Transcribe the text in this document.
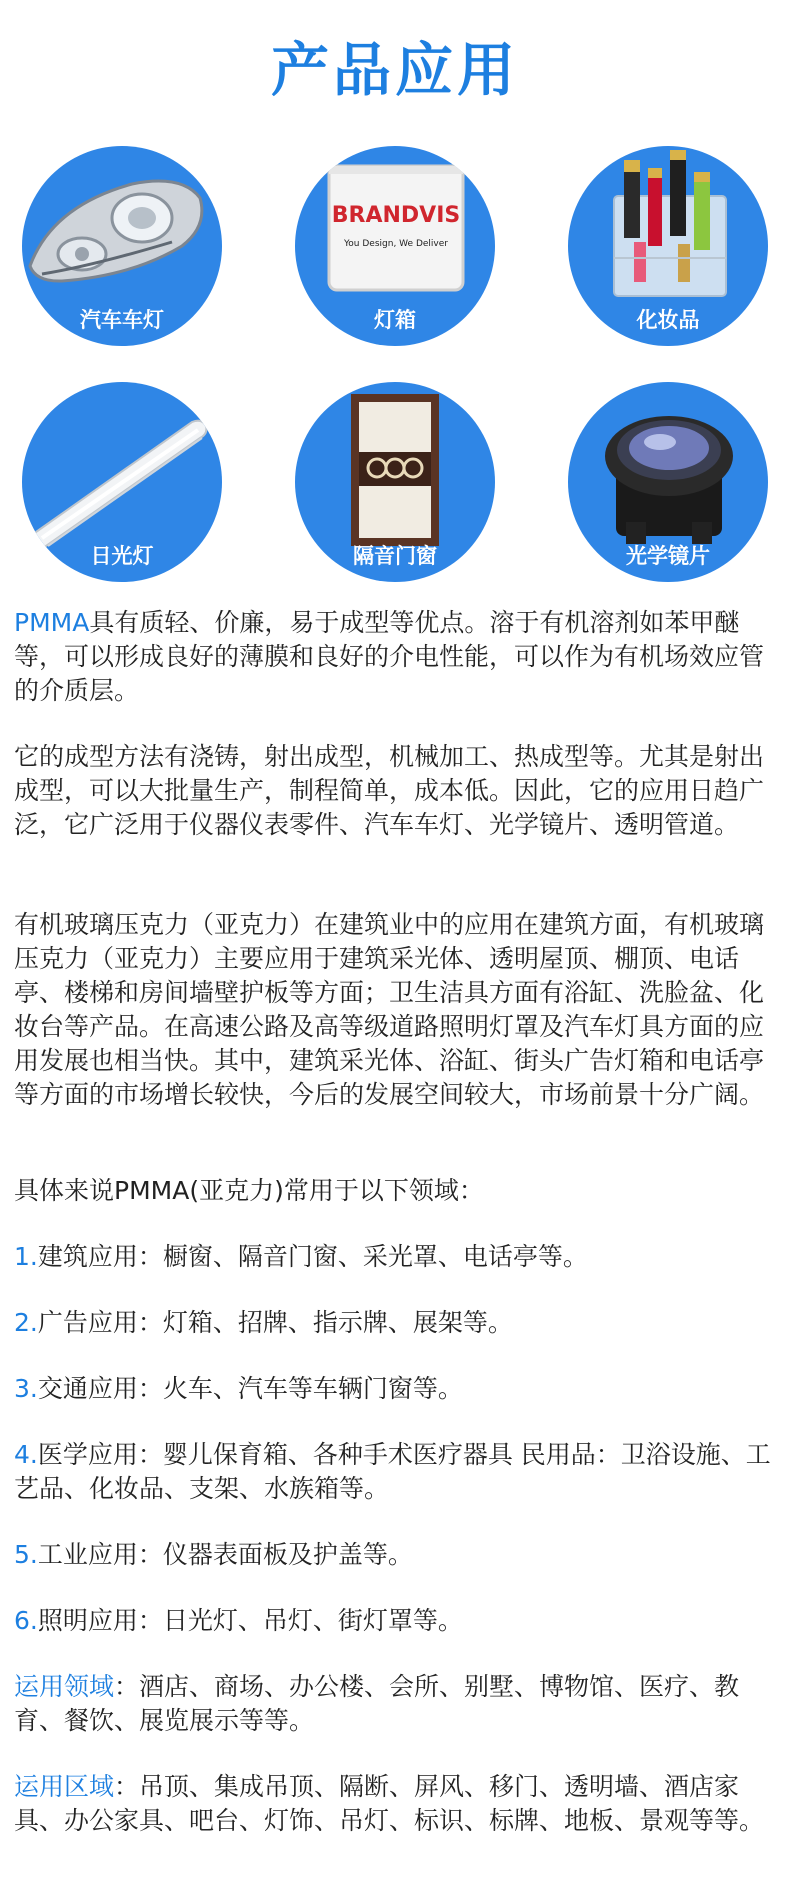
产品应用
汽车车灯
BRANDVIS
You Design, We Deliver
灯箱	化妆品
日光灯	隔音门窗	光学镜片
PMMA具有质轻、价廉，易于成型等优点。溶于有机溶剂如苯甲醚等，可以形成良好的薄膜和良好的介电性能，可以作为有机场效应管的介质层。
它的成型方法有浇铸，射出成型，机械加工、热成型等。尤其是射出成型，可以大批量生产，制程简单，成本低。因此，它的应用日趋广泛，它广泛用于仪器仪表零件、汽车车灯、光学镜片、透明管道。
有机玻璃压克力（亚克力）在建筑业中的应用在建筑方面，有机玻璃压克力（亚克力）主要应用于建筑采光体、透明屋顶、棚顶、电话亭、楼梯和房间墙壁护板等方面；卫生洁具方面有浴缸、洗脸盆、化妆台等产品。在高速公路及高等级道路照明灯罩及汽车灯具方面的应用发展也相当快。其中，建筑采光体、浴缸、街头广告灯箱和电话亭等方面的市场增长较快，今后的发展空间较大，市场前景十分广阔。
具体来说PMMA(亚克力)常用于以下领域：
1.建筑应用：橱窗、隔音门窗、采光罩、电话亭等。
2.广告应用：灯箱、招牌、指示牌、展架等。
3.交通应用：火车、汽车等车辆门窗等。
4.医学应用：婴儿保育箱、各种手术医疗器具 民用品：卫浴设施、工艺品、化妆品、支架、水族箱等。
5.工业应用：仪器表面板及护盖等。
6.照明应用：日光灯、吊灯、街灯罩等。
运用领域：酒店、商场、办公楼、会所、别墅、博物馆、医疗、教育、餐饮、展览展示等等。
运用区域：吊顶、集成吊顶、隔断、屏风、移门、透明墙、酒店家具、办公家具、吧台、灯饰、吊灯、标识、标牌、地板、景观等等。
